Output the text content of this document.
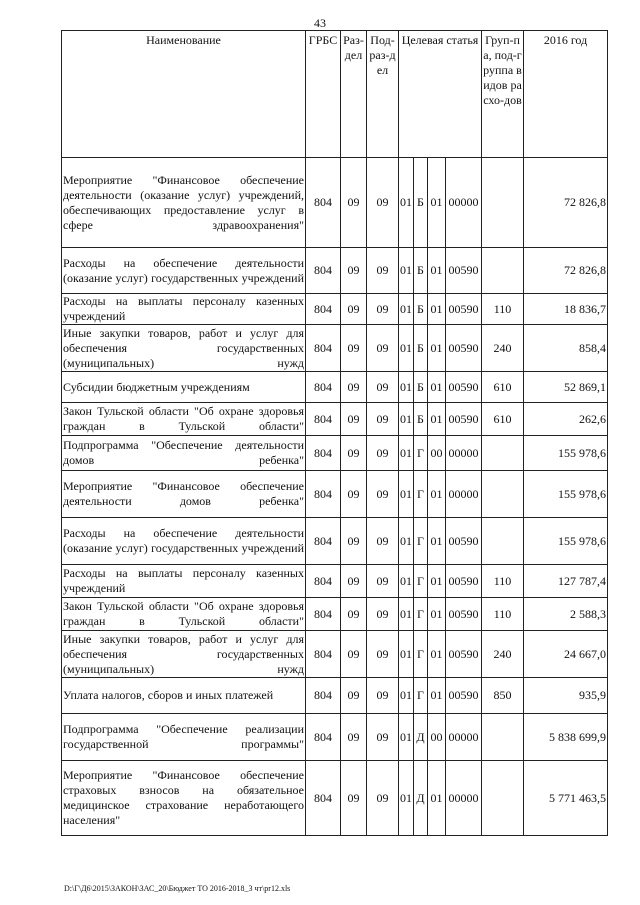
43
Наименование	ГРБС	Раз-дел	Под-раз-дел	Целевая статья				Груп-па, под-группа видов расхо-дов	2016 год
Мероприятие "Финансовое обеспечение деятельности (оказание услуг) учреждений, обеспечивающих предоставление услуг в сфере здравоохранения"	804	09	09	01	Б	01	00000		72 826,8
Расходы на обеспечение деятельности (оказание услуг) государственных учреждений	804	09	09	01	Б	01	00590		72 826,8
Расходы на выплаты персоналу казенных учреждений	804	09	09	01	Б	01	00590	110	18 836,7
Иные закупки товаров, работ и услуг для обеспечения государственных (муниципальных) нужд	804	09	09	01	Б	01	00590	240	858,4
Субсидии бюджетным учреждениям	804	09	09	01	Б	01	00590	610	52 869,1
Закон Тульской области "Об охране здоровья граждан в Тульской области"	804	09	09	01	Б	01	00590	610	262,6
Подпрограмма "Обеспечение деятельности домов ребенка"	804	09	09	01	Г	00	00000		155 978,6
Мероприятие "Финансовое обеспечение деятельности домов ребенка"	804	09	09	01	Г	01	00000		155 978,6
Расходы на обеспечение деятельности (оказание услуг) государственных учреждений	804	09	09	01	Г	01	00590		155 978,6
Расходы на выплаты персоналу казенных учреждений	804	09	09	01	Г	01	00590	110	127 787,4
Закон Тульской области "Об охране здоровья граждан в Тульской области"	804	09	09	01	Г	01	00590	110	2 588,3
Иные закупки товаров, работ и услуг для обеспечения государственных (муниципальных) нужд	804	09	09	01	Г	01	00590	240	24 667,0
Уплата налогов, сборов и иных платежей	804	09	09	01	Г	01	00590	850	935,9
Подпрограмма "Обеспечение реализации государственной программы"	804	09	09	01	Д	00	00000		5 838 699,9
Мероприятие "Финансовое обеспечение страховых взносов на обязательное медицинское страхование неработающего населения"	804	09	09	01	Д	01	00000		5 771 463,5
D:\Г\Д6\2015\ЗАКОН\ЗАС_20\Бюджет ТО 2016-2018_3 чт\pr12.xls
